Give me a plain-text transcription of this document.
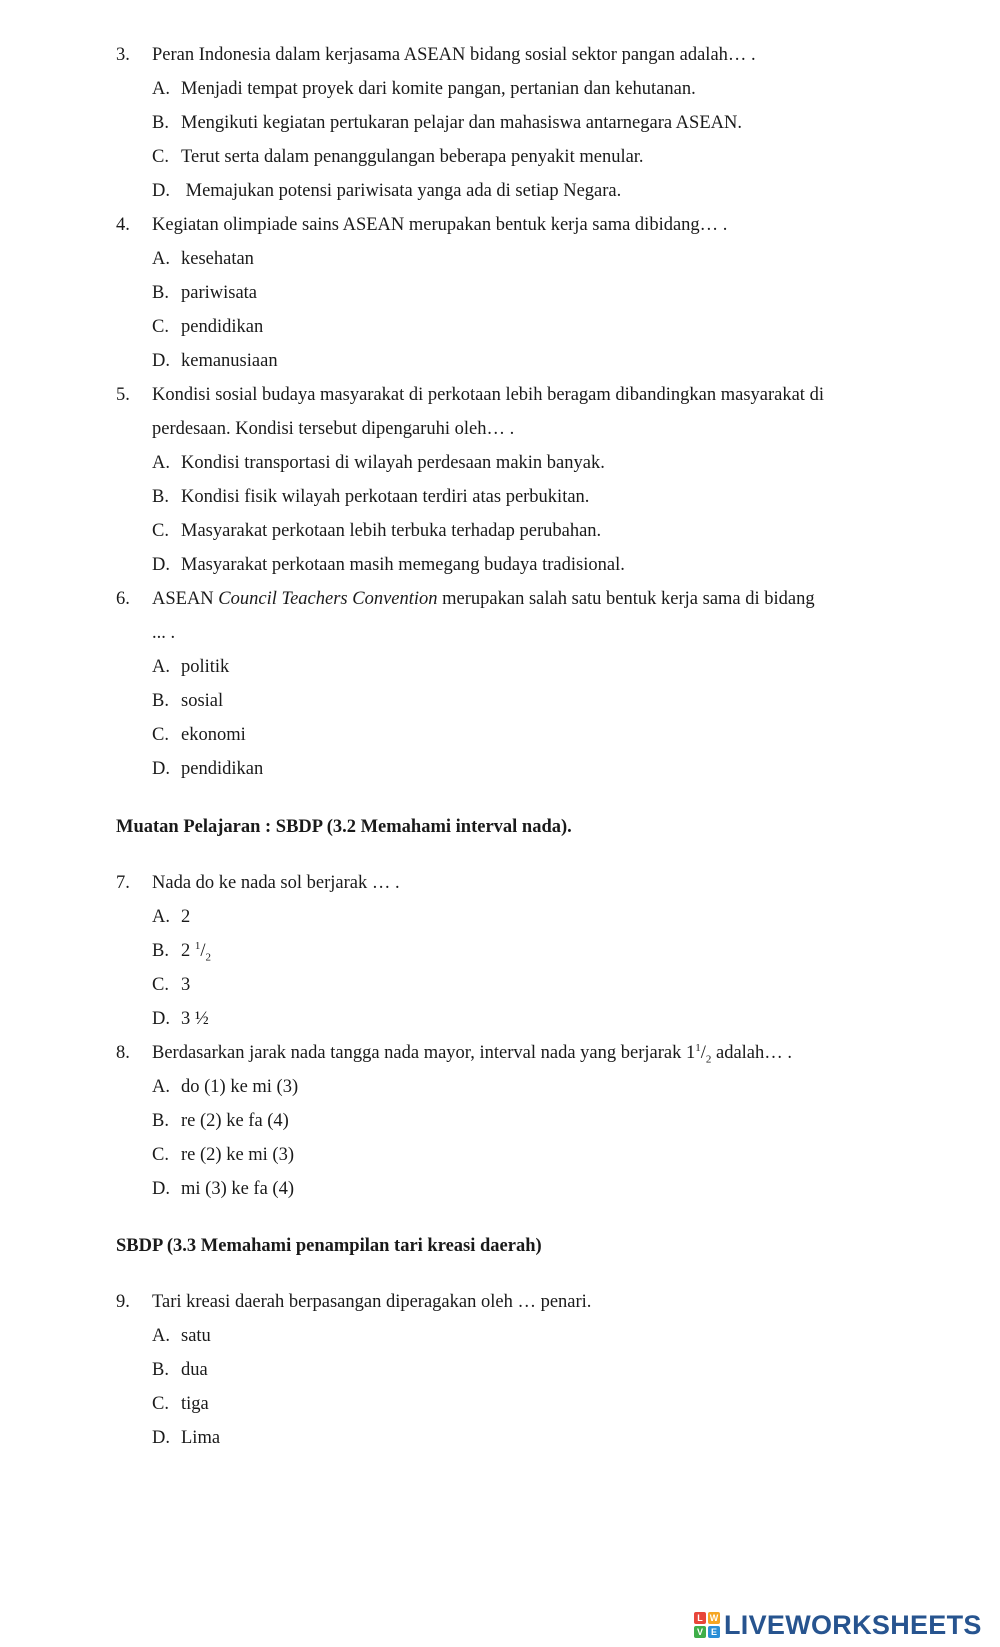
3. Peran Indonesia dalam kerjasama ASEAN bidang sosial sektor pangan adalah… .
A. Menjadi tempat proyek dari komite pangan, pertanian dan kehutanan.
B. Mengikuti kegiatan pertukaran pelajar dan mahasiswa antarnegara ASEAN.
C. Terut serta dalam penanggulangan beberapa penyakit menular.
D. Memajukan potensi pariwisata yanga ada di setiap Negara.
4. Kegiatan olimpiade sains ASEAN merupakan bentuk kerja sama dibidang… .
A. kesehatan
B. pariwisata
C. pendidikan
D. kemanusiaan
5. Kondisi sosial budaya masyarakat di perkotaan lebih beragam dibandingkan masyarakat di
perdesaan. Kondisi tersebut dipengaruhi oleh… .
A. Kondisi transportasi di wilayah perdesaan makin banyak.
B. Kondisi fisik wilayah perkotaan terdiri atas perbukitan.
C. Masyarakat perkotaan lebih terbuka terhadap perubahan.
D. Masyarakat perkotaan masih memegang budaya tradisional.
6. ASEAN Council Teachers Convention merupakan salah satu bentuk kerja sama di bidang
... .
A. politik
B. sosial
C. ekonomi
D. pendidikan
Muatan Pelajaran : SBDP (3.2 Memahami interval nada).
7. Nada do ke nada sol berjarak … .
A. 2
B. 2 $^1/_2$
C. 3
D. 3 ½
8. Berdasarkan jarak nada tangga nada mayor, interval nada yang berjarak $1^1/_2$ adalah… .
A. do (1) ke mi (3)
B. re (2) ke fa (4)
C. re (2) ke mi (3)
D. mi (3) ke fa (4)
SBDP (3.3 Memahami penampilan tari kreasi daerah)
9. Tari kreasi daerah berpasangan diperagakan oleh … penari.
A. satu
B. dua
C. tiga
D. Lima
L W
V E LIVEWORKSHEETS
